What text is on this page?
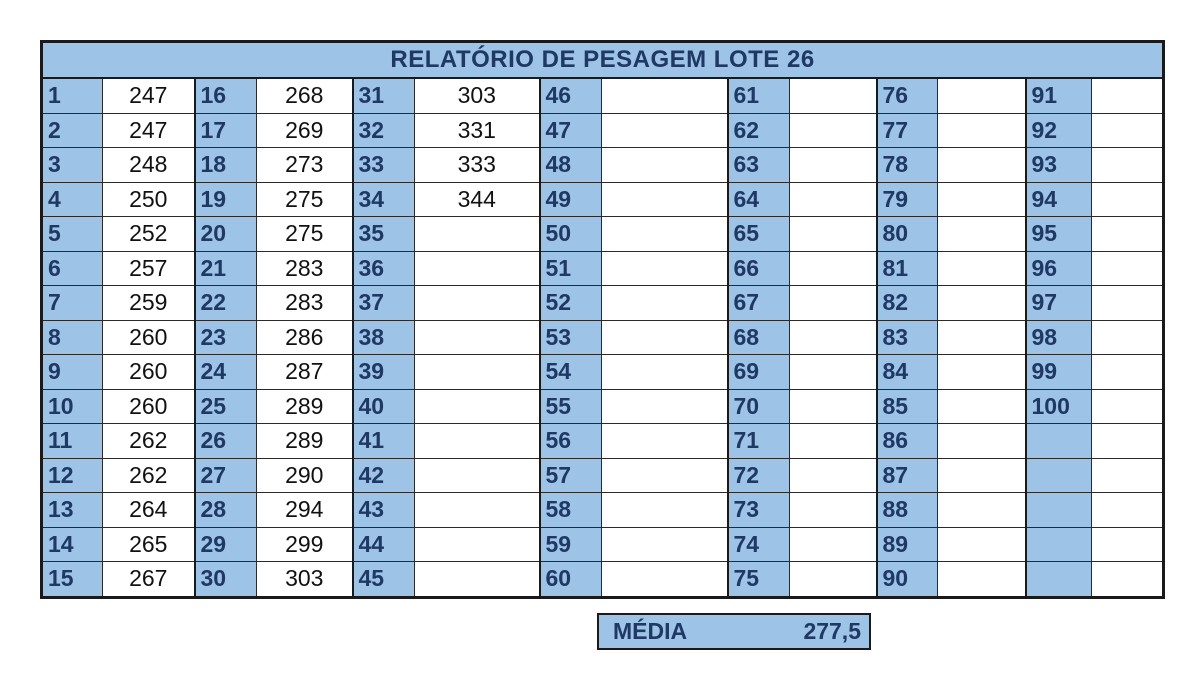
RELATÓRIO DE PESAGEM LOTE 26													
1	247	16	268	31	303	46		61		76		91	
2	247	17	269	32	331	47		62		77		92	
3	248	18	273	33	333	48		63		78		93	
4	250	19	275	34	344	49		64		79		94	
5	252	20	275	35		50		65		80		95	
6	257	21	283	36		51		66		81		96	
7	259	22	283	37		52		67		82		97	
8	260	23	286	38		53		68		83		98	
9	260	24	287	39		54		69		84		99	
10	260	25	289	40		55		70		85		100	
11	262	26	289	41		56		71		86			
12	262	27	290	42		57		72		87			
13	264	28	294	43		58		73		88			
14	265	29	299	44		59		74		89			
15	267	30	303	45		60		75		90			
MÉDIA	277,5
